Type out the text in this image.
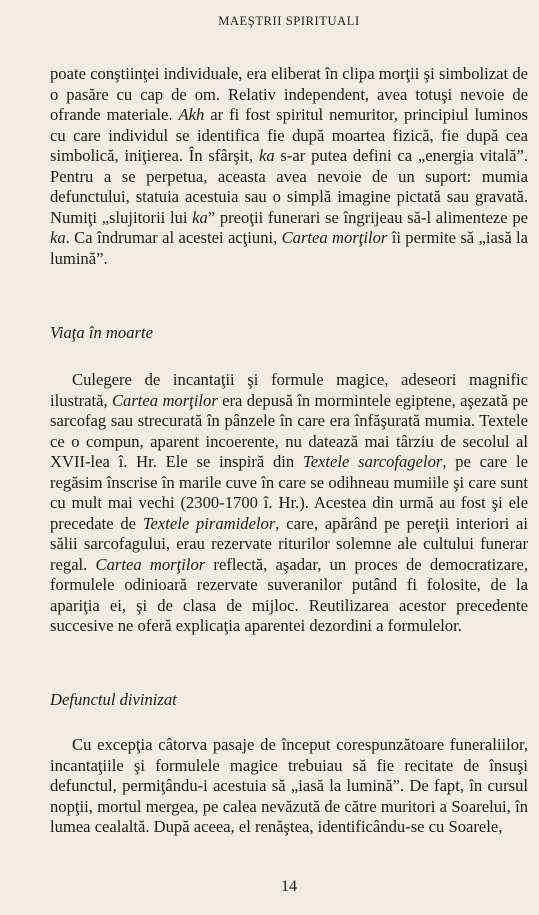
MAEŞTRII SPIRITUALI

poate conştiinţei individuale, era eliberat în clipa morţii şi simbolizat de o pasăre cu cap de om. Relativ independent, avea totuşi nevoie de ofrande materiale. Akh ar fi fost spiritul nemuritor, principiul luminos cu care individul se identifica fie după moartea fizică, fie după cea simbolică, iniţierea. În sfârşit, ka s-ar putea defini ca „energia vitală”. Pentru a se perpetua, aceasta avea nevoie de un suport: mumia defunctului, statuia acestuia sau o simplă imagine pictată sau gravată. Numiţi „slujitorii lui ka” preoţii funerari se îngrijeau să-l alimenteze pe ka. Ca îndrumar al acestei acţiuni, Cartea morţilor îi permite să „iasă la lumină”.

Viaţa în moarte

Culegere de incantaţii şi formule magice, adeseori magnific ilustrată, Cartea morţilor era depusă în mormintele egiptene, aşezată pe sarcofag sau strecurată în pânzele în care era înfăşurată mumia. Textele ce o compun, aparent incoerente, nu datează mai târziu de secolul al XVII-lea î. Hr. Ele se inspiră din Textele sarcofagelor, pe care le regăsim înscrise în marile cuve în care se odihneau mumiile şi care sunt cu mult mai vechi (2300-1700 î. Hr.). Acestea din urmă au fost şi ele precedate de Textele piramidelor, care, apărând pe pereţii interiori ai sălii sarcofagului, erau rezervate riturilor solemne ale cultului funerar regal. Cartea morţilor reflectă, aşadar, un proces de democratizare, formulele odinioară rezervate suveranilor putând fi folosite, de la apariţia ei, şi de clasa de mijloc. Reutilizarea acestor precedente succesive ne oferă explicaţia aparentei dezordini a formulelor.

Defunctul divinizat

Cu excepţia câtorva pasaje de început corespunzătoare funeraliilor, incantaţiile şi formulele magice trebuiau să fie recitate de însuşi defunctul, permiţându-i acestuia să „iasă la lumină”. De fapt, în cursul nopţii, mortul mergea, pe calea nevăzută de către muritori a Soarelui, în lumea cealaltă. După aceea, el renăştea, identificându-se cu Soarele,

14
